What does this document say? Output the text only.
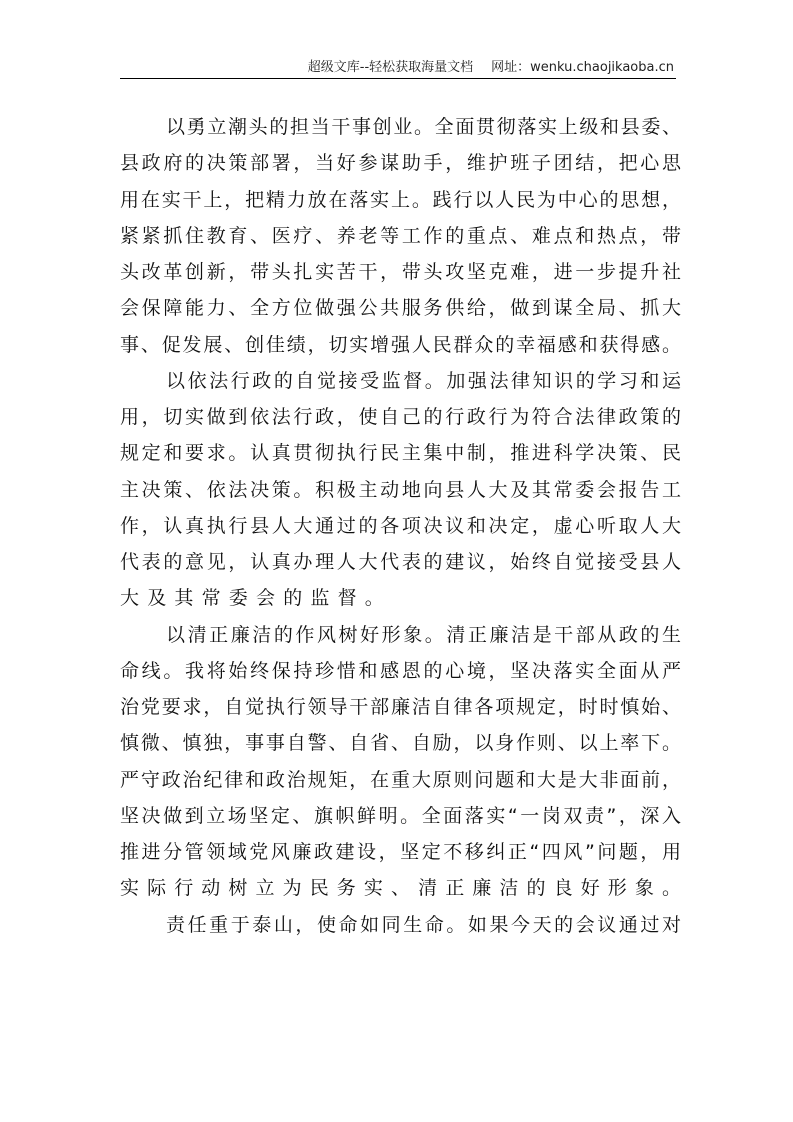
超级文库--轻松获取海量文档 网址：wenku.chaojikaoba.cn
以勇立潮头的担当干事创业。全面贯彻落实上级和县委、
县政府的决策部署，当好参谋助手，维护班子团结，把心思
用在实干上，把精力放在落实上。践行以人民为中心的思想，
紧紧抓住教育、医疗、养老等工作的重点、难点和热点，带
头改革创新，带头扎实苦干，带头攻坚克难，进一步提升社
会保障能力、全方位做强公共服务供给，做到谋全局、抓大
事、促发展、创佳绩，切实增强人民群众的幸福感和获得感。
以依法行政的自觉接受监督。加强法律知识的学习和运
用，切实做到依法行政，使自己的行政行为符合法律政策的
规定和要求。认真贯彻执行民主集中制，推进科学决策、民
主决策、依法决策。积极主动地向县人大及其常委会报告工
作，认真执行县人大通过的各项决议和决定，虚心听取人大
代表的意见，认真办理人大代表的建议，始终自觉接受县人
大及其常委会的监督。
以清正廉洁的作风树好形象。清正廉洁是干部从政的生
命线。我将始终保持珍惜和感恩的心境，坚决落实全面从严
治党要求，自觉执行领导干部廉洁自律各项规定，时时慎始、
慎微、慎独，事事自警、自省、自励，以身作则、以上率下。
严守政治纪律和政治规矩，在重大原则问题和大是大非面前，
坚决做到立场坚定、旗帜鲜明。全面落实“一岗双责”，深入
推进分管领域党风廉政建设，坚定不移纠正“四风”问题，用
实际行动树立为民务实、清正廉洁的良好形象。
责任重于泰山，使命如同生命。如果今天的会议通过对
